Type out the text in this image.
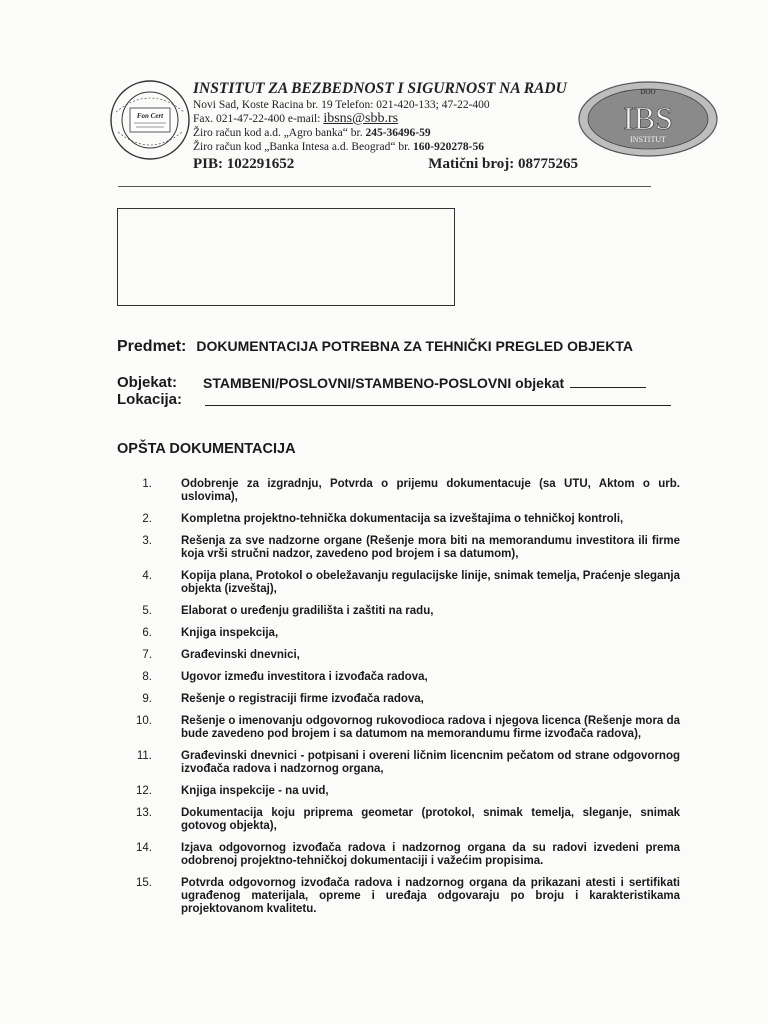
Fon Cert
INSTITUT ZA BEZBEDNOST I SIGURNOST NA RADU
Novi Sad, Koste Racina br. 19 Telefon: 021-420-133; 47-22-400
Fax. 021-47-22-400 e-mail: ibsns@sbb.rs
Žiro račun kod a.d. „Agro banka“ br. 245-36496-59
Žiro račun kod „Banka Intesa a.d. Beograd“ br. 160-920278-56
PIB: 102291652	Matični broj: 08775265
DOO
IBS
INSTITUT
Predmet: DOKUMENTACIJA POTREBNA ZA TEHNIČKI PREGLED OBJEKTA
Objekat: STAMBENI/POSLOVNI/STAMBENO-POSLOVNI objekat
Lokacija:
OPŠTA DOKUMENTACIJA
1.	Odobrenje za izgradnju, Potvrda o prijemu dokumentacuje (sa UTU, Aktom o urb. uslovima),
2.	Kompletna projektno-tehnička dokumentacija sa izveštajima o tehničkoj kontroli,
3.	Rešenja za sve nadzorne organe (Rešenje mora biti na memorandumu investitora ili firme koja vrši stručni nadzor, zavedeno pod brojem i sa datumom),
4.	Kopija plana, Protokol o obeležavanju regulacijske linije, snimak temelja, Praćenje sleganja objekta (izveštaj),
5.	Elaborat o uređenju gradilišta i zaštiti na radu,
6.	Knjiga inspekcija,
7.	Građevinski dnevnici,
8.	Ugovor između investitora i izvođača radova,
9.	Rešenje o registraciji firme izvođača radova,
10.	Rešenje o imenovanju odgovornog rukovodioca radova i njegova licenca (Rešenje mora da bude zavedeno pod brojem i sa datumom na memorandumu firme izvođača radova),
11.	Građevinski dnevnici - potpisani i overeni ličnim licencnim pečatom od strane odgovornog izvođača radova i nadzornog organa,
12.	Knjiga inspekcije - na uvid,
13.	Dokumentacija koju priprema geometar (protokol, snimak temelja, sleganje, snimak gotovog objekta),
14.	Izjava odgovornog izvođača radova i nadzornog organa da su radovi izvedeni prema odobrenoj projektno-tehničkoj dokumentaciji i važećim propisima.
15.	Potvrda odgovornog izvođača radova i nadzornog organa da prikazani atesti i sertifikati ugrađenog materijala, opreme i uređaja odgovaraju po broju i karakteristikama projektovanom kvalitetu.
